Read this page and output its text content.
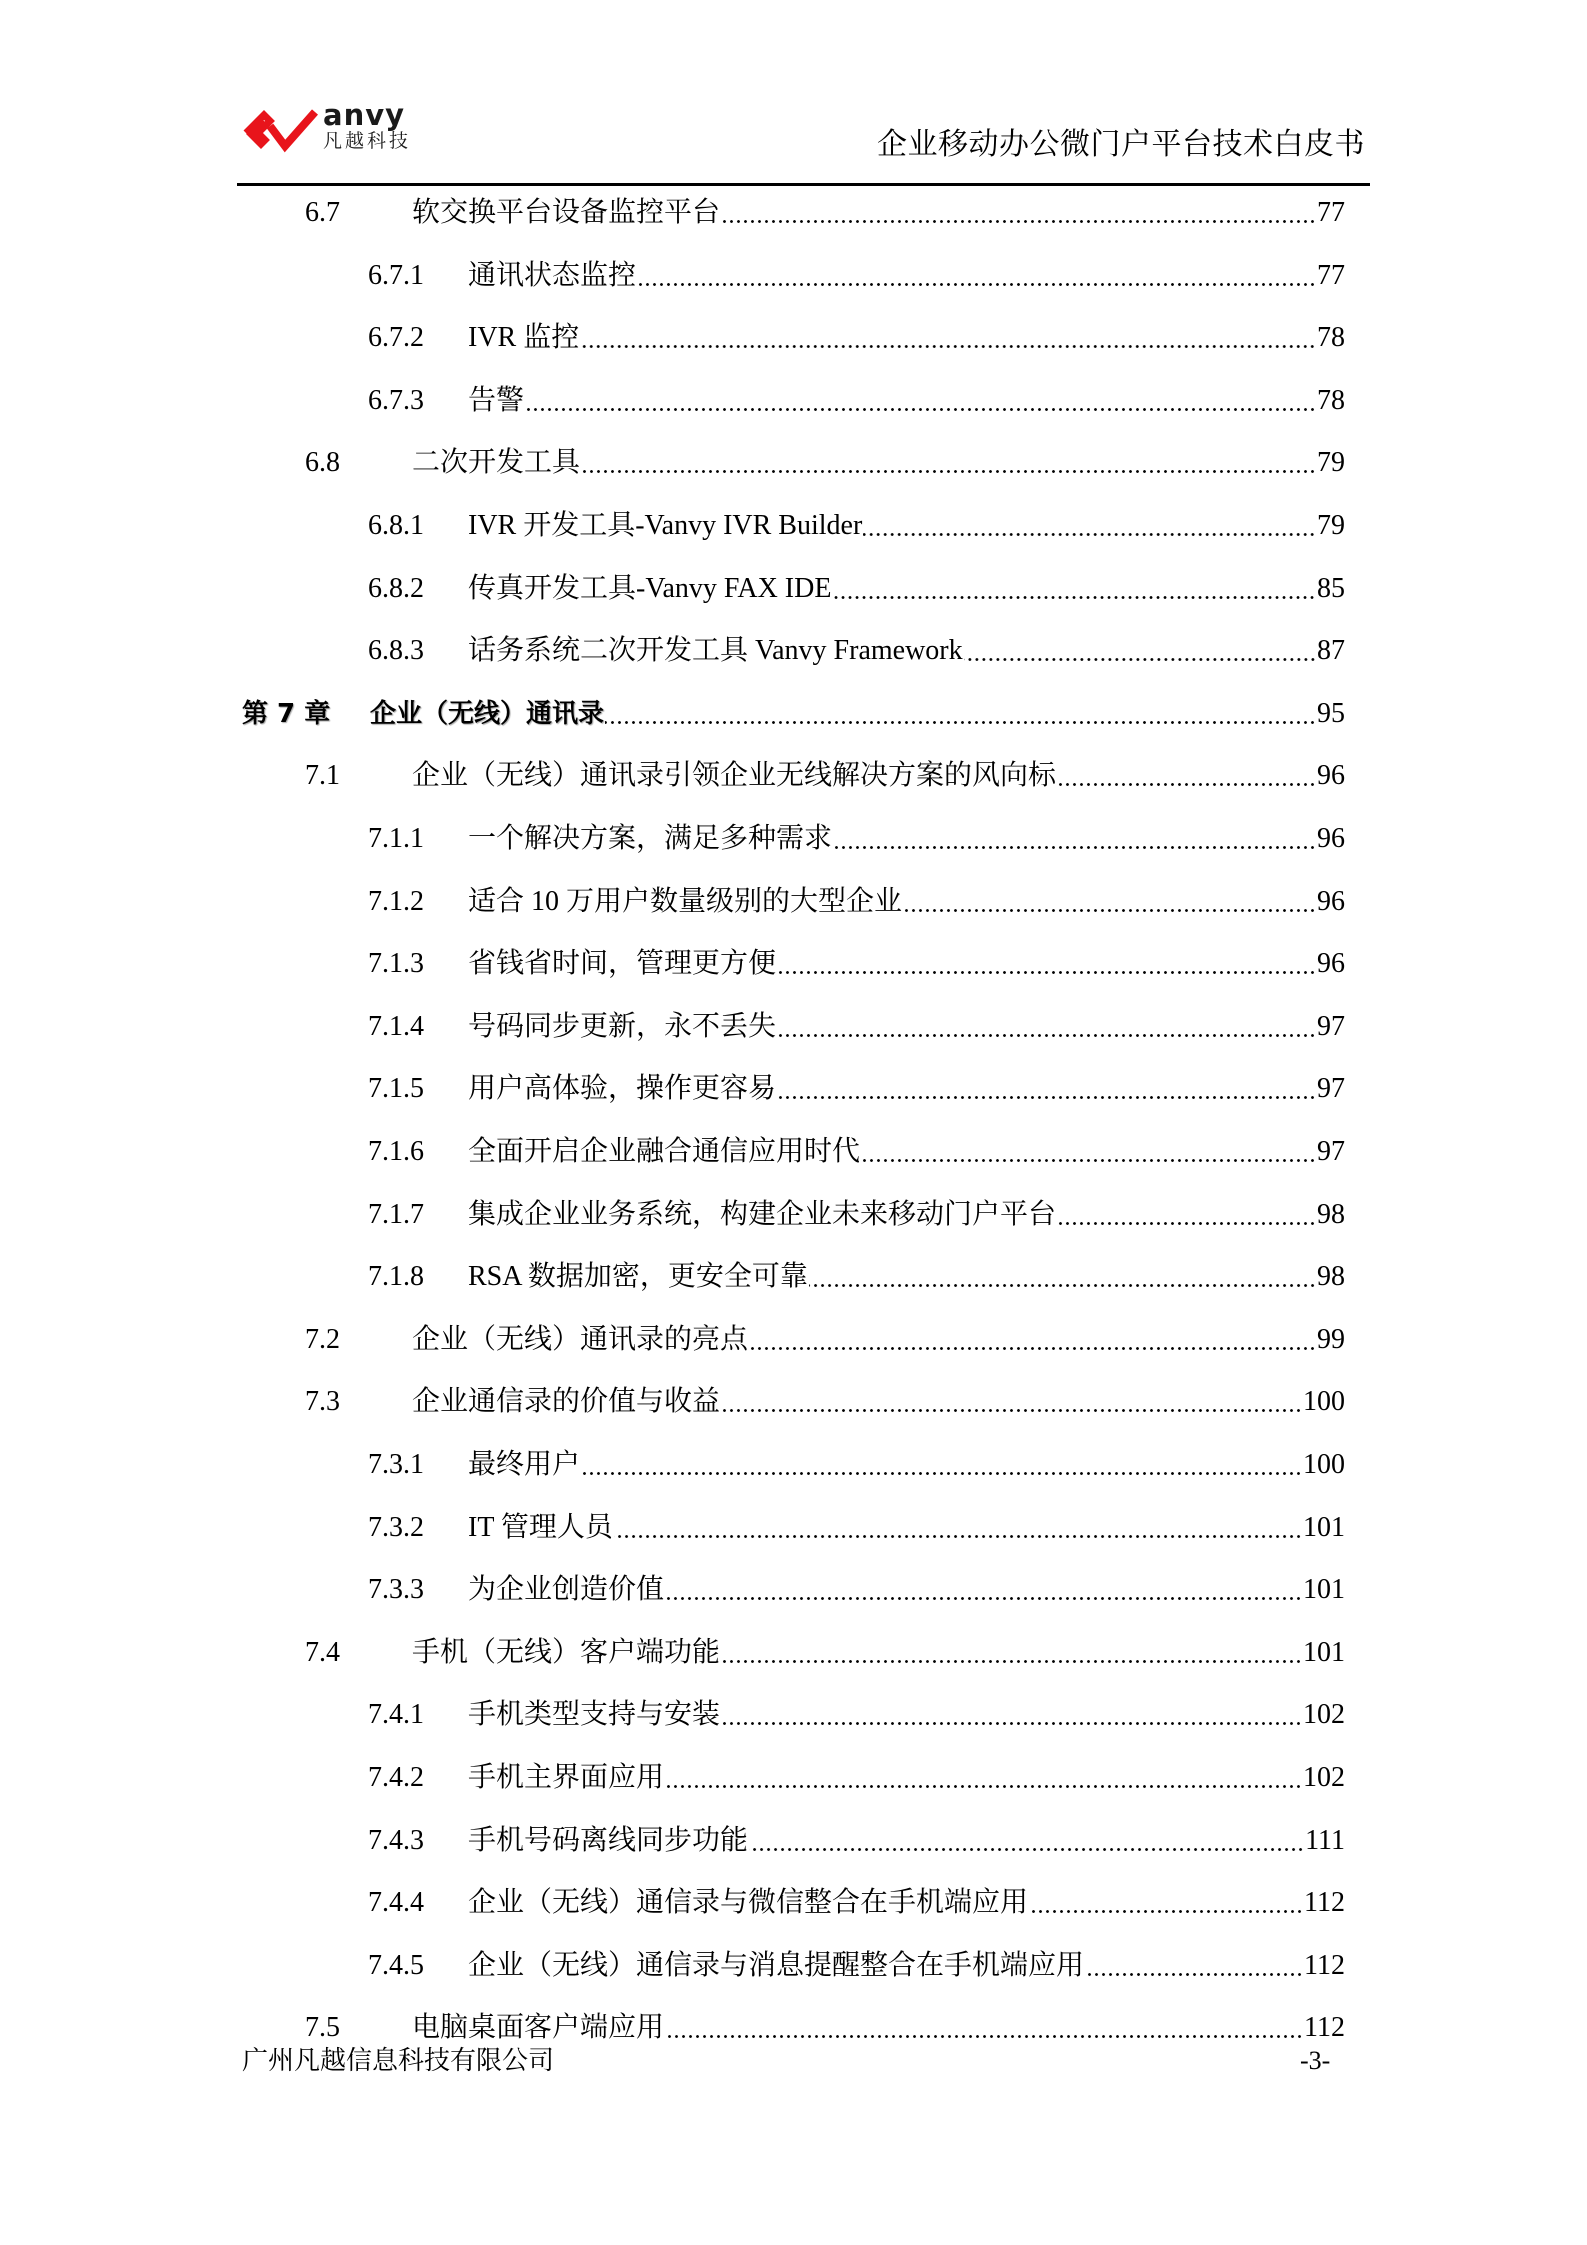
anvy
凡越科技	企业移动办公微门户平台技术白皮书
6.7	软交换平台设备监控平台	77
6.7.1	通讯状态监控	77
6.7.2	IVR 监控	78
6.7.3	告警	78
6.8	二次开发工具	79
6.8.1	IVR 开发工具-Vanvy IVR Builder	79
6.8.2	传真开发工具-Vanvy FAX IDE	85
6.8.3	话务系统二次开发工具 Vanvy Framework	87
第 7 章	企业（无线）通讯录	95
7.1	企业（无线）通讯录引领企业无线解决方案的风向标	96
7.1.1	一个解决方案，满足多种需求	96
7.1.2	适合 10 万用户数量级别的大型企业	96
7.1.3	省钱省时间，管理更方便	96
7.1.4	号码同步更新，永不丢失	97
7.1.5	用户高体验，操作更容易	97
7.1.6	全面开启企业融合通信应用时代	97
7.1.7	集成企业业务系统，构建企业未来移动门户平台	98
7.1.8	RSA 数据加密，更安全可靠	98
7.2	企业（无线）通讯录的亮点	99
7.3	企业通信录的价值与收益	100
7.3.1	最终用户	100
7.3.2	IT 管理人员	101
7.3.3	为企业创造价值	101
7.4	手机（无线）客户端功能	101
7.4.1	手机类型支持与安装	102
7.4.2	手机主界面应用	102
7.4.3	手机号码离线同步功能	111
7.4.4	企业（无线）通信录与微信整合在手机端应用	112
7.4.5	企业（无线）通信录与消息提醒整合在手机端应用	112
7.5	电脑桌面客户端应用	112
广州凡越信息科技有限公司	-3-
